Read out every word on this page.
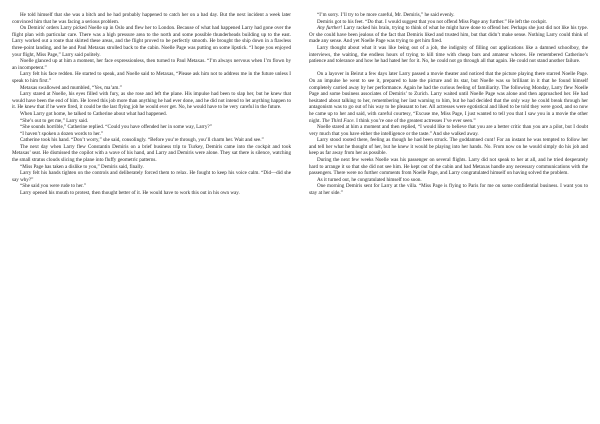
He told himself that she was a bitch and he had probably happened to catch her on a bad day. But the next incident a week later convinced him that he was facing a serious problem.

On Demiris' orders Larry picked Noelle up in Oslo and flew her to London. Because of what had happened Larry had gone over the flight plan with particular care. There was a high pressure area to the north and some possible thunderheads building up to the east. Larry worked out a route that skirted these areas, and the flight proved to be perfectly smooth. He brought the ship down in a flawless three-point landing, and he and Paul Metaxas strolled back to the cabin. Noelle Page was putting on some lipstick. “I hope you enjoyed your flight, Miss Page,” Larry said politely.

Noelle glanced up at him a moment, her face expressionless, then turned to Paul Metaxas. “I’m always nervous when I’m flown by an incompetent.”

Larry felt his face redden. He started to speak, and Noelle said to Metaxas, “Please ask him not to address me in the future unless I speak to him first.”

Metaxas swallowed and mumbled, “Yes, ma’am.”

Larry stared at Noelle, his eyes filled with fury, as she rose and left the plane. His impulse had been to slap her, but he knew that would have been the end of him. He loved this job more than anything he had ever done, and he did not intend to let anything happen to it. He knew that if he were fired, it could be the last flying job he would ever get. No, he would have to be very careful in the future.

When Larry got home, he talked to Catherine about what had happened.

“She’s out to get me,” Larry said.

“She sounds horrible,” Catherine replied. “Could you have offended her in some way, Larry?”

“I haven’t spoken a dozen words to her.”

Catherine took his hand. “Don’t worry,” she said, consolingly. “Before you’re through, you’ll charm her. Wait and see.”

The next day when Larry flew Constantin Demiris on a brief business trip to Turkey, Demiris came into the cockpit and took Metaxas’ seat. He dismissed the copilot with a wave of his hand, and Larry and Demiris were alone. They sat there is silence, watching the small stratus clouds slicing the plane into fluffy geometric patterns.

“Miss Page has taken a dislike to you,” Demiris said, finally.

Larry felt his hands tighten on the controls and deliberately forced them to relax. He fought to keep his voice calm. “Did—did she say why?”

“She said you were rude to her.”

Larry opened his mouth to protest, then thought better of it. He would have to work this out in his own way.

“I’m sorry. I’ll try to be more careful, Mr. Demiris,” he said evenly.

Demiris got to his feet. “Do that. I would suggest that you not offend Miss Page any further.” He left the cockpit.

Any further! Larry racked his brain, trying to think of what he might have done to offend her. Perhaps she just did not like his type. Or she could have been jealous of the fact that Demiris liked and trusted him, but that didn’t make sense. Nothing Larry could think of made any sense. And yet Noelle Page was trying to get him fired.

Larry thought about what it was like being out of a job, the indignity of filling out applications like a damned schoolboy, the interviews, the waiting, the endless hours of trying to kill time with cheap bars and amateur whores. He remembered Catherine’s patience and tolerance and how he had hated her for it. No, he could not go through all that again. He could not stand another failure.

On a layover in Beirut a few days later Larry passed a movie theater and noticed that the picture playing there starred Noelle Page. On an impulse he went to see it, prepared to hate the picture and its star, but Noelle was so brilliant in it that he found himself completely carried away by her performance. Again he had the curious feeling of familiarity. The following Monday, Larry flew Noelle Page and some business associates of Demiris’ to Zurich. Larry waited until Noelle Page was alone and then approached her. He had hesitated about talking to her, remembering her last warning to him, but he had decided that the only way he could break through her antagonism was to go out of his way to be pleasant to her. All actresses were egotistical and liked to be told they were good, and so now he came up to her and said, with careful courtesy, “Excuse me, Miss Page, I just wanted to tell you that I saw you in a movie the other night. The Third Face. I think you’re one of the greatest actresses I’ve ever seen.”

Noelle stared at him a moment and then replied, “I would like to believe that you are a better critic than you are a pilot, but I doubt very much that you have either the intelligence or the taste.” And she walked away.

Larry stood rooted there, feeling as though he had been struck. The goddamned cunt! For an instant he was tempted to follow her and tell her what he thought of her, but he knew it would be playing into her hands. No. From now on he would simply do his job and keep as far away from her as possible.

During the next few weeks Noelle was his passenger on several flights. Larry did not speak to her at all, and he tried desperately hard to arrange it so that she did not see him. He kept out of the cabin and had Metaxas handle any necessary communications with the passengers. There were no further comments from Noelle Page, and Larry congratulated himself on having solved the problem.

As it turned out, he congratulated himself too soon.

One morning Demiris sent for Larry at the villa. “Miss Page is flying to Paris for me on some confidential business. I want you to stay at her side.”
